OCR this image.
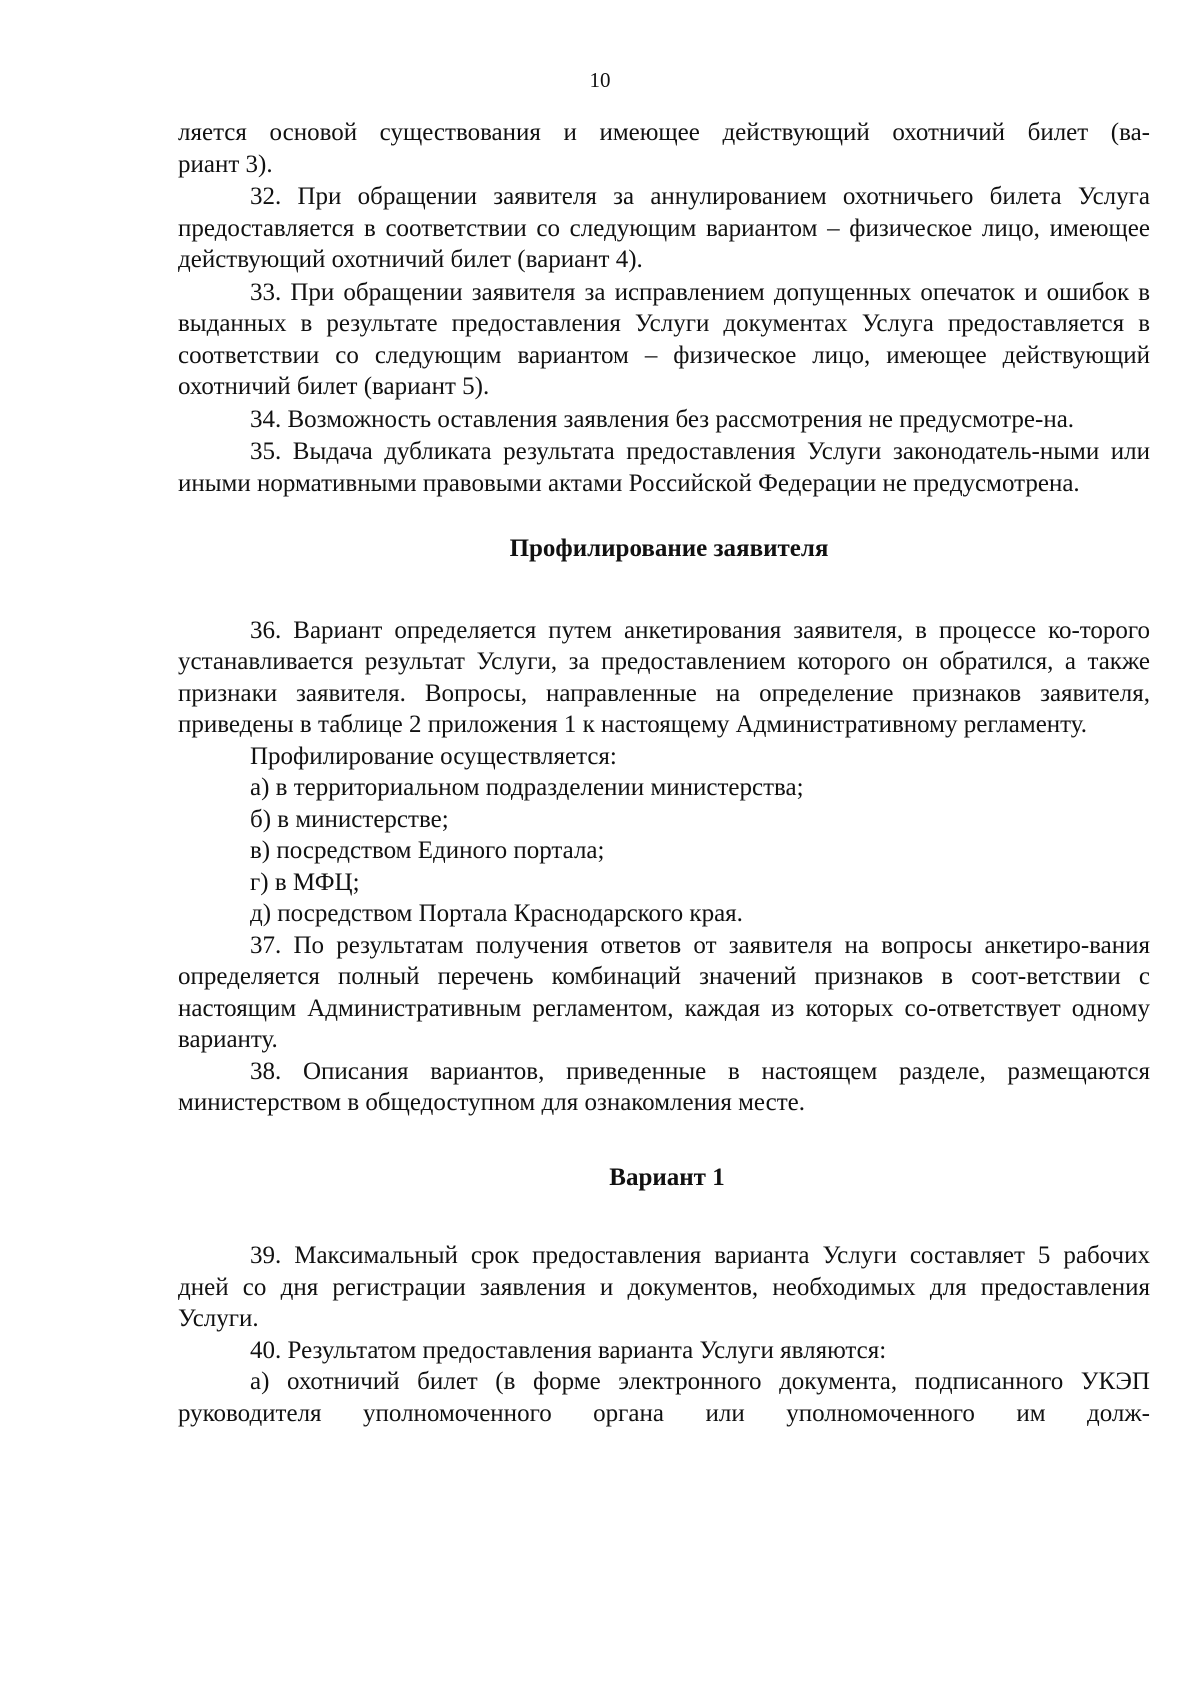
10

ляется основой существования и имеющее действующий охотничий билет (ва-

риант 3).

32. При обращении заявителя за аннулированием охотничьего билета Услуга предоставляется в соответствии со следующим вариантом – физическое лицо, имеющее действующий охотничий билет (вариант 4).

33. При обращении заявителя за исправлением допущенных опечаток и ошибок в выданных в результате предоставления Услуги документах Услуга предоставляется в соответствии со следующим вариантом – физическое лицо, имеющее действующий охотничий билет (вариант 5).

34. Возможность оставления заявления без рассмотрения не предусмотре-на.

35. Выдача дубликата результата предоставления Услуги законодатель-ными или иными нормативными правовыми актами Российской Федерации не предусмотрена.

Профилирование заявителя

36. Вариант определяется путем анкетирования заявителя, в процессе ко-торого устанавливается результат Услуги, за предоставлением которого он обратился, а также признаки заявителя. Вопросы, направленные на определение признаков заявителя, приведены в таблице 2 приложения 1 к настоящему Административному регламенту.

Профилирование осуществляется:

а) в территориальном подразделении министерства;

б) в министерстве;

в) посредством Единого портала;

г) в МФЦ;

д) посредством Портала Краснодарского края.

37. По результатам получения ответов от заявителя на вопросы анкетиро-вания определяется полный перечень комбинаций значений признаков в соот-ветствии с настоящим Административным регламентом, каждая из которых со-ответствует одному варианту.

38. Описания вариантов, приведенные в настоящем разделе, размещаются министерством в общедоступном для ознакомления месте.

Вариант 1

39. Максимальный срок предоставления варианта Услуги составляет 5 рабочих дней со дня регистрации заявления и документов, необходимых для предоставления Услуги.

40. Результатом предоставления варианта Услуги являются:

а) охотничий билет (в форме электронного документа, подписанного УКЭП руководителя уполномоченного органа или уполномоченного им долж-
